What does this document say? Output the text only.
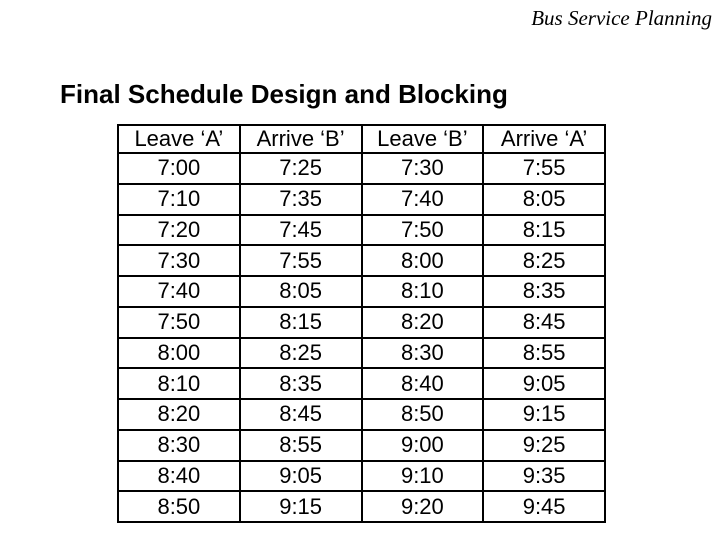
Bus Service Planning
Final Schedule Design and Blocking
Leave ‘A’	Arrive ‘B’	Leave ‘B’	Arrive ‘A’
7:00	7:25	7:30	7:55
7:10	7:35	7:40	8:05
7:20	7:45	7:50	8:15
7:30	7:55	8:00	8:25
7:40	8:05	8:10	8:35
7:50	8:15	8:20	8:45
8:00	8:25	8:30	8:55
8:10	8:35	8:40	9:05
8:20	8:45	8:50	9:15
8:30	8:55	9:00	9:25
8:40	9:05	9:10	9:35
8:50	9:15	9:20	9:45
